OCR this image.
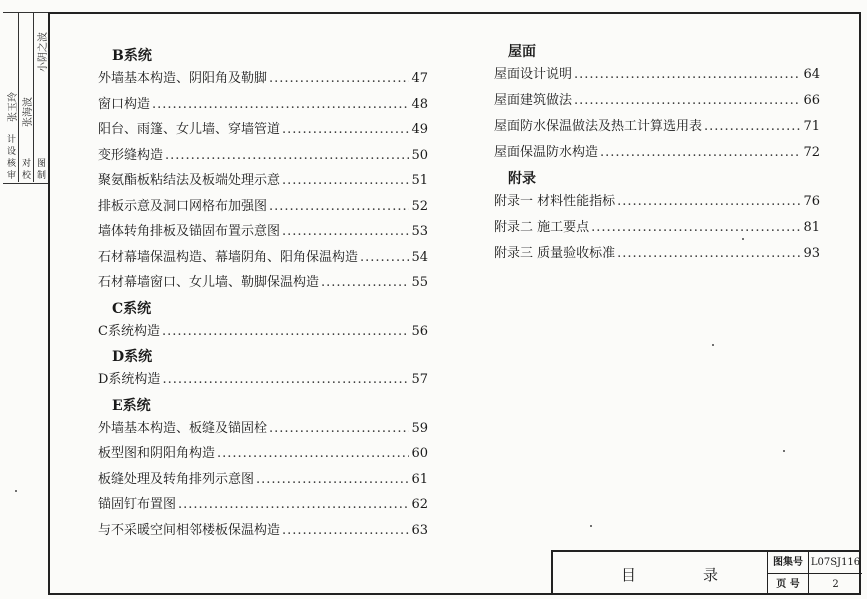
审
核
校
对
设
计
制
图
张玉玲 张海波
小阴之波
目	录
图集号 L07SJ116
页 号	2
B系统
外墙基本构造、阴阳角及勒脚 .....	47
窗口构造 .....	48
阳台、雨篷、女儿墙、穿墙管道 .....	49
变形缝构造 .....	50
聚氨酯板粘结法及板端处理示意 .....	51
排板示意及洞口网格布加强图 .....	52
墙体转角排板及锚固布置示意图 .....	53
石材幕墙保温构造、幕墙阴角、阳角保温构造 .....	54
石材幕墙窗口、女儿墙、勒脚保温构造 .....	55
C系统
C系统构造 .....	56
D系统
D系统构造 .....	57
E系统
外墙基本构造、板缝及锚固栓 .....	59
板型图和阴阳角构造 .....	60
板缝处理及转角排列示意图 .....	61
锚固钉布置图 .....	62
与不采暖空间相邻楼板保温构造 .....	63
屋面
屋面设计说明 .....	64
屋面建筑做法 .....	66
屋面防水保温做法及热工计算选用表 .....	71
屋面保温防水构造 .....	72
附录
附录一 材料性能指标 .....	76
附录二 施工要点 .....	81
附录三 质量验收标准 .....	93
